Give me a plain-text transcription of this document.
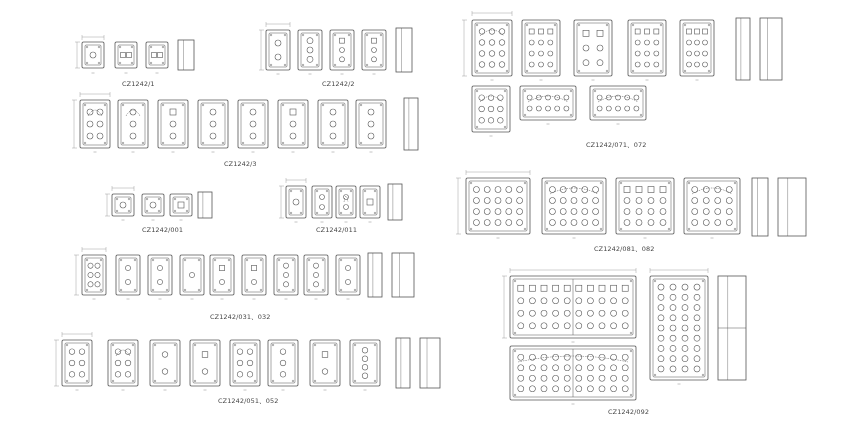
CZ1242/1	CZ1242/2
CZ1242/3
CZ1242/001	CZ1242/011
CZ1242/031、032
CZ1242/051、052
CZ1242/071、072
CZ1242/081、082
CZ1242/092
